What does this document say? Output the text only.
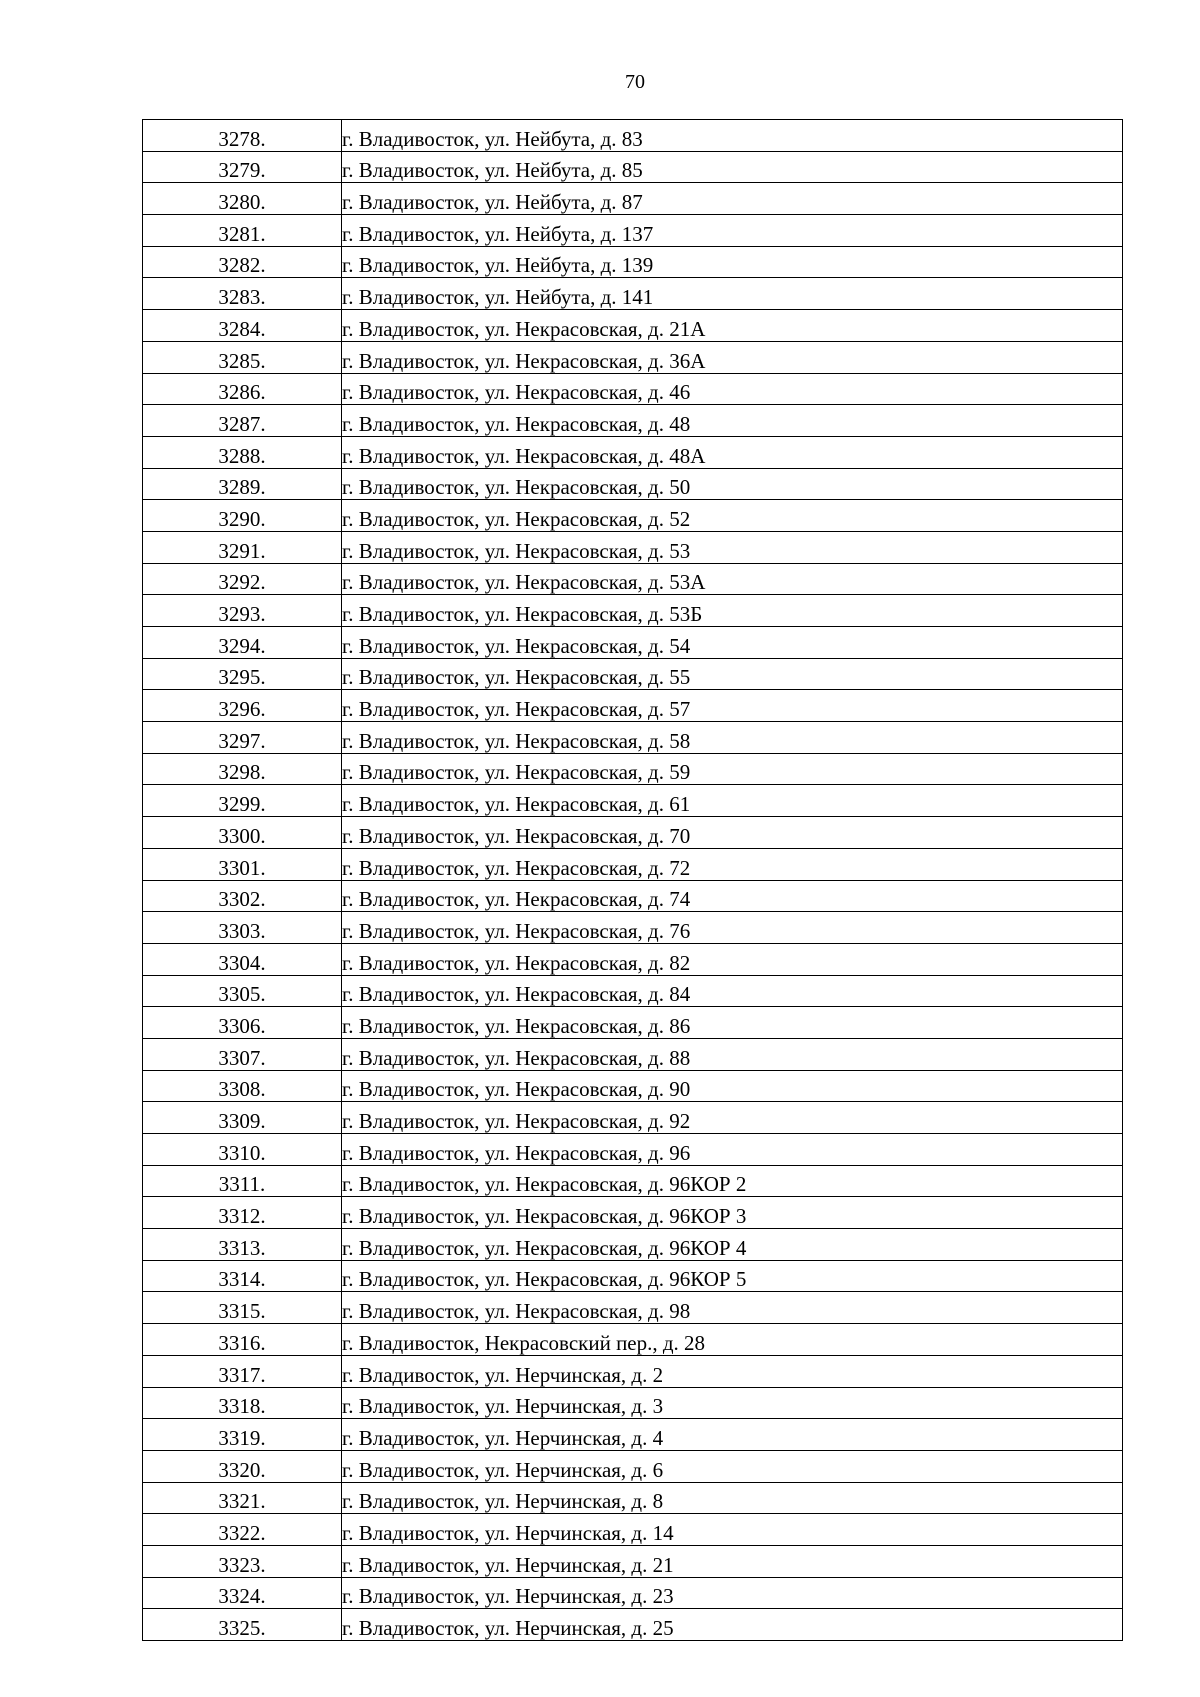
70
3278.	г. Владивосток, ул. Нейбута, д. 83
3279.	г. Владивосток, ул. Нейбута, д. 85
3280.	г. Владивосток, ул. Нейбута, д. 87
3281.	г. Владивосток, ул. Нейбута, д. 137
3282.	г. Владивосток, ул. Нейбута, д. 139
3283.	г. Владивосток, ул. Нейбута, д. 141
3284.	г. Владивосток, ул. Некрасовская, д. 21А
3285.	г. Владивосток, ул. Некрасовская, д. 36А
3286.	г. Владивосток, ул. Некрасовская, д. 46
3287.	г. Владивосток, ул. Некрасовская, д. 48
3288.	г. Владивосток, ул. Некрасовская, д. 48А
3289.	г. Владивосток, ул. Некрасовская, д. 50
3290.	г. Владивосток, ул. Некрасовская, д. 52
3291.	г. Владивосток, ул. Некрасовская, д. 53
3292.	г. Владивосток, ул. Некрасовская, д. 53А
3293.	г. Владивосток, ул. Некрасовская, д. 53Б
3294.	г. Владивосток, ул. Некрасовская, д. 54
3295.	г. Владивосток, ул. Некрасовская, д. 55
3296.	г. Владивосток, ул. Некрасовская, д. 57
3297.	г. Владивосток, ул. Некрасовская, д. 58
3298.	г. Владивосток, ул. Некрасовская, д. 59
3299.	г. Владивосток, ул. Некрасовская, д. 61
3300.	г. Владивосток, ул. Некрасовская, д. 70
3301.	г. Владивосток, ул. Некрасовская, д. 72
3302.	г. Владивосток, ул. Некрасовская, д. 74
3303.	г. Владивосток, ул. Некрасовская, д. 76
3304.	г. Владивосток, ул. Некрасовская, д. 82
3305.	г. Владивосток, ул. Некрасовская, д. 84
3306.	г. Владивосток, ул. Некрасовская, д. 86
3307.	г. Владивосток, ул. Некрасовская, д. 88
3308.	г. Владивосток, ул. Некрасовская, д. 90
3309.	г. Владивосток, ул. Некрасовская, д. 92
3310.	г. Владивосток, ул. Некрасовская, д. 96
3311.	г. Владивосток, ул. Некрасовская, д. 96КОР 2
3312.	г. Владивосток, ул. Некрасовская, д. 96КОР 3
3313.	г. Владивосток, ул. Некрасовская, д. 96КОР 4
3314.	г. Владивосток, ул. Некрасовская, д. 96КОР 5
3315.	г. Владивосток, ул. Некрасовская, д. 98
3316.	г. Владивосток, Некрасовский пер., д. 28
3317.	г. Владивосток, ул. Нерчинская, д. 2
3318.	г. Владивосток, ул. Нерчинская, д. 3
3319.	г. Владивосток, ул. Нерчинская, д. 4
3320.	г. Владивосток, ул. Нерчинская, д. 6
3321.	г. Владивосток, ул. Нерчинская, д. 8
3322.	г. Владивосток, ул. Нерчинская, д. 14
3323.	г. Владивосток, ул. Нерчинская, д. 21
3324.	г. Владивосток, ул. Нерчинская, д. 23
3325.	г. Владивосток, ул. Нерчинская, д. 25
